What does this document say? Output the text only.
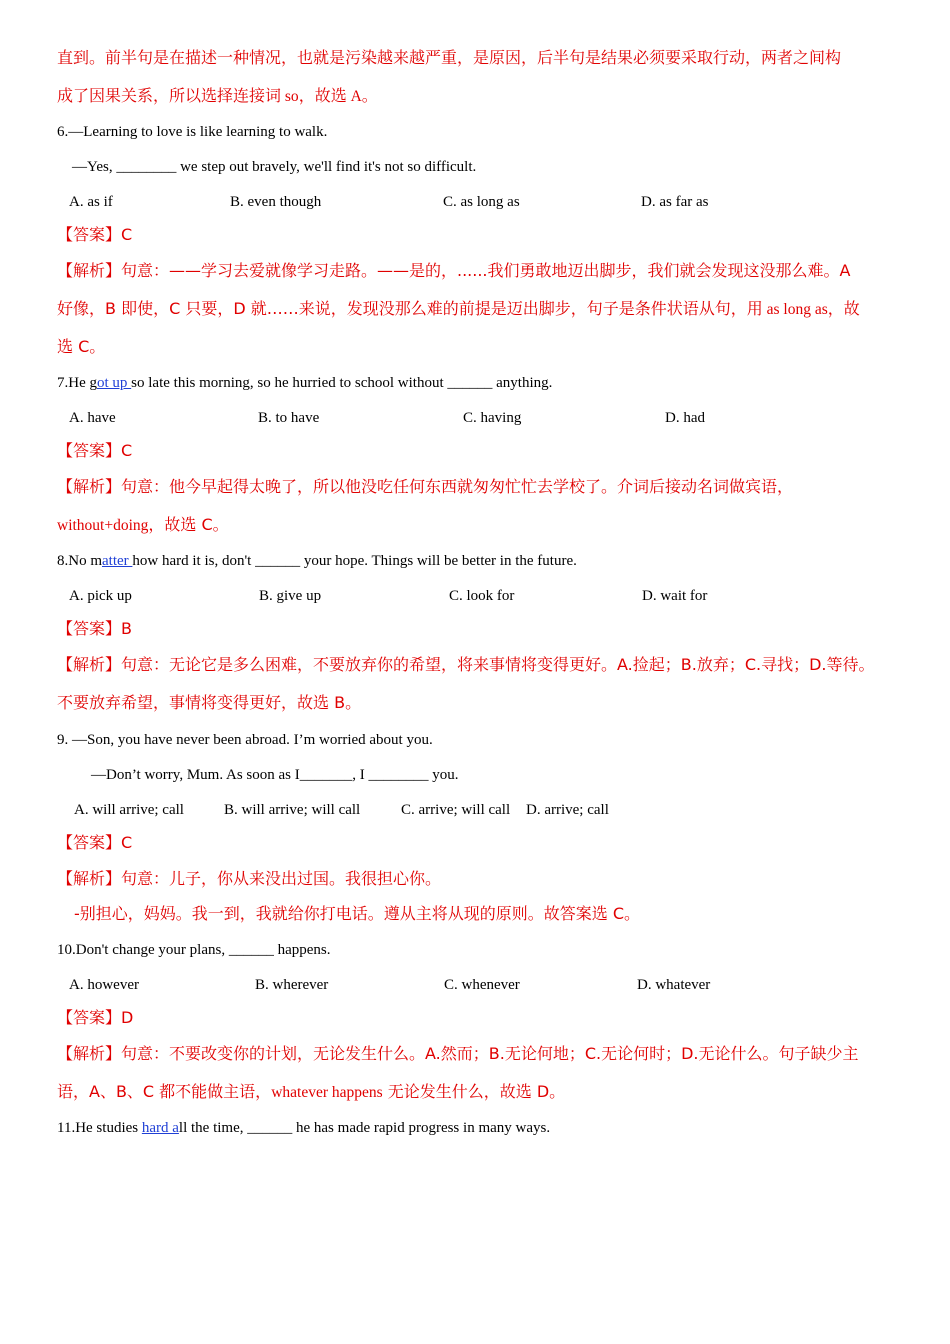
直到。前半句是在描述一种情况，也就是污染越来越严重，是原因，后半句是结果必须要采取行动，两者之间构
成了因果关系，所以选择连接词 so，故选 A。
6.—Learning to love is like learning to walk.
—Yes, ________ we step out bravely, we'll find it's not so difficult.
A. as if	B. even though	C. as long as	D. as far as
【答案】C
【解析】句意：——学习去爱就像学习走路。——是的，......我们勇敢地迈出脚步，我们就会发现这没那么难。A
好像，B 即使，C 只要，D 就……来说，发现没那么难的前提是迈出脚步，句子是条件状语从句，用 as long as，故
选 C。
7.He got up so late this morning, so he hurried to school without ______ anything.
A. have	B. to have	C. having	D. had
【答案】C
【解析】句意：他今早起得太晚了，所以他没吃任何东西就匆匆忙忙去学校了。介词后接动名词做宾语，
without+doing，故选 C。
8.No matter how hard it is, don't ______ your hope. Things will be better in the future.
A. pick up	B. give up	C. look for	D. wait for
【答案】B
【解析】句意：无论它是多么困难，不要放弃你的希望，将来事情将变得更好。A.捡起；B.放弃；C.寻找；D.等待。
不要放弃希望，事情将变得更好，故选 B。
9. —Son, you have never been abroad. I’m worried about you.
—Don’t worry, Mum. As soon as I_______, I ________ you.
A. will arrive; call	B. will arrive; will call	C. arrive; will call D. arrive; call
【答案】C
【解析】句意：儿子，你从来没出过国。我很担心你。
-别担心，妈妈。我一到，我就给你打电话。遵从主将从现的原则。故答案选 C。
10.Don't change your plans, ______ happens.
A. however	B. wherever	C. whenever	D. whatever
【答案】D
【解析】句意：不要改变你的计划，无论发生什么。A.然而；B.无论何地；C.无论何时；D.无论什么。句子缺少主
语，A、B、C 都不能做主语，whatever happens 无论发生什么，故选 D。
11.He studies hard all the time, ______ he has made rapid progress in many ways.
